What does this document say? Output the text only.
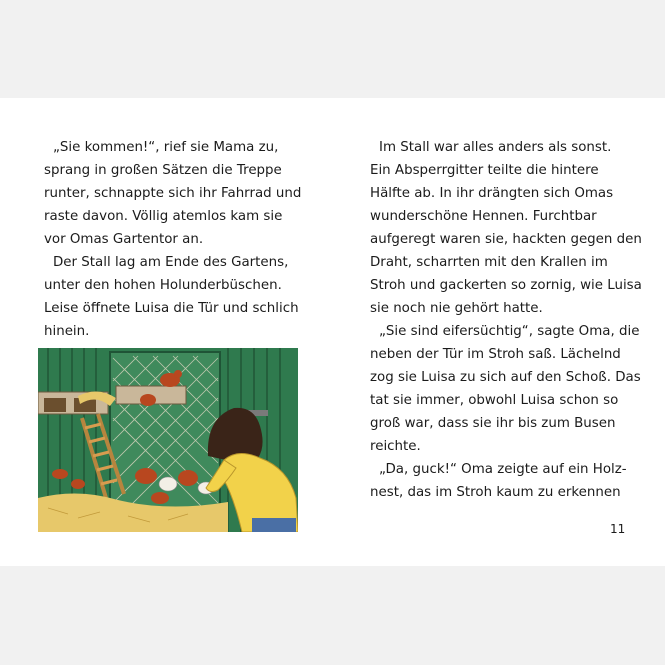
„Sie kommen!“, rief sie Mama zu,
sprang in großen Sätzen die Treppe
runter, schnappte sich ihr Fahrrad und
raste davon. Völlig atemlos kam sie
vor Omas Gartentor an.
Der Stall lag am Ende des Gartens,
unter den hohen Holunderbüschen.
Leise öffnete Luisa die Tür und schlich
hinein.
Im Stall war alles anders als sonst.
Ein Absperrgitter teilte die hintere
Hälfte ab. In ihr drängten sich Omas
wunderschöne Hennen. Furchtbar
aufgeregt waren sie, hackten gegen den
Draht, scharrten mit den Krallen im
Stroh und gackerten so zornig, wie Luisa
sie noch nie gehört hatte.
„Sie sind eifersüchtig“, sagte Oma, die
neben der Tür im Stroh saß. Lächelnd
zog sie Luisa zu sich auf den Schoß. Das
tat sie immer, obwohl Luisa schon so
groß war, dass sie ihr bis zum Busen
reichte.
„Da, guck!“ Oma zeigte auf ein Holz-
nest, das im Stroh kaum zu erkennen
11
